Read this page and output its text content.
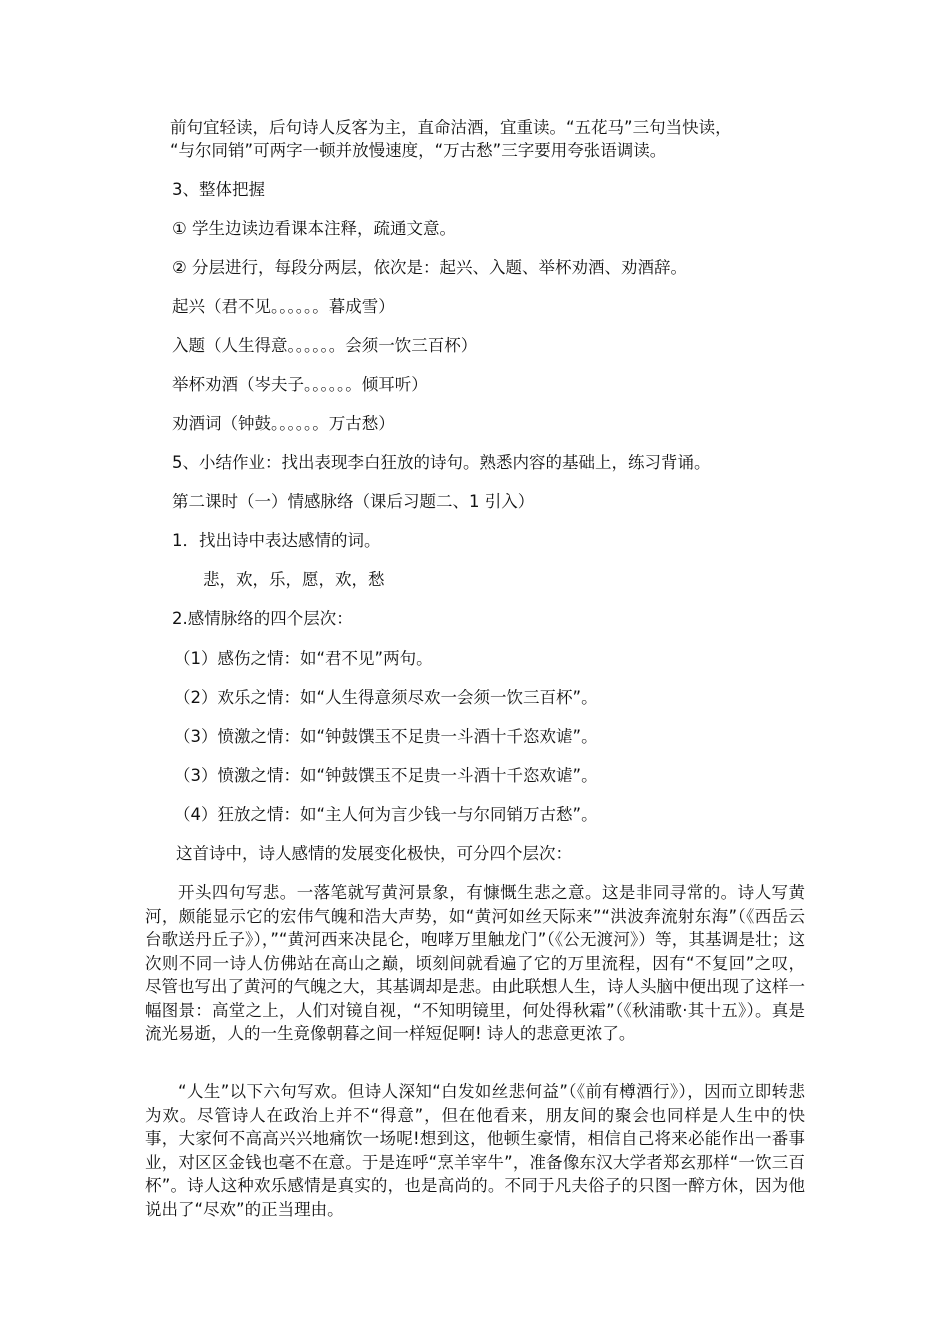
前句宜轻读，后句诗人反客为主，直命沽酒，宜重读。“五花马”三句当快读，
“与尔同销”可两字一顿并放慢速度，“万古愁”三字要用夸张语调读。
3、整体把握
① 学生边读边看课本注释，疏通文意。
② 分层进行，每段分两层，依次是：起兴、入题、举杯劝酒、劝酒辞。
起兴（君不见。。。。。。暮成雪）
入题（人生得意。。。。。。会须一饮三百杯）
举杯劝酒（岑夫子。。。。。。倾耳听）
劝酒词（钟鼓。。。。。。万古愁）
5、小结作业：找出表现李白狂放的诗句。熟悉内容的基础上，练习背诵。
第二课时（一）情感脉络（课后习题二、1 引入）
1．找出诗中表达感情的词。
悲，欢，乐，愿，欢，愁
2.感情脉络的四个层次：
（1）感伤之情：如“君不见”两句。
（2）欢乐之情：如“人生得意须尽欢一会须一饮三百杯”。
（3）愤激之情：如“钟鼓馔玉不足贵一斗酒十千恣欢谑”。
（3）愤激之情：如“钟鼓馔玉不足贵一斗酒十千恣欢谑”。
（4）狂放之情：如“主人何为言少钱一与尔同销万古愁”。
这首诗中，诗人感情的发展变化极快，可分四个层次：
开头四句写悲。一落笔就写黄河景象，有慷慨生悲之意。这是非同寻常的。诗人写黄河，颇能显示它的宏伟气魄和浩大声势，如“黄河如丝天际来”“洪波奔流射东海”（《西岳云台歌送丹丘子》），”“黄河西来决昆仑，咆哮万里触龙门”（《公无渡河》）等，其基调是壮；这次则不同一诗人仿佛站在高山之巅，顷刻间就看遍了它的万里流程，因有“不复回”之叹，尽管也写出了黄河的气魄之大，其基调却是悲。由此联想人生，诗人头脑中便出现了这样一幅图景：高堂之上，人们对镜自视，“不知明镜里，何处得秋霜”（《秋浦歌·其十五》）。真是流光易逝，人的一生竟像朝暮之间一样短促啊! 诗人的悲意更浓了。
“人生”以下六句写欢。但诗人深知“白发如丝悲何益”（《前有樽酒行》），因而立即转悲为欢。尽管诗人在政治上并不“得意”，但在他看来，朋友间的聚会也同样是人生中的快事，大家何不高高兴兴地痛饮一场呢!想到这，他顿生豪情，相信自己将来必能作出一番事业，对区区金钱也毫不在意。于是连呼“烹羊宰牛”，准备像东汉大学者郑玄那样“一饮三百杯”。诗人这种欢乐感情是真实的，也是高尚的。不同于凡夫俗子的只图一醉方休，因为他说出了“尽欢”的正当理由。
